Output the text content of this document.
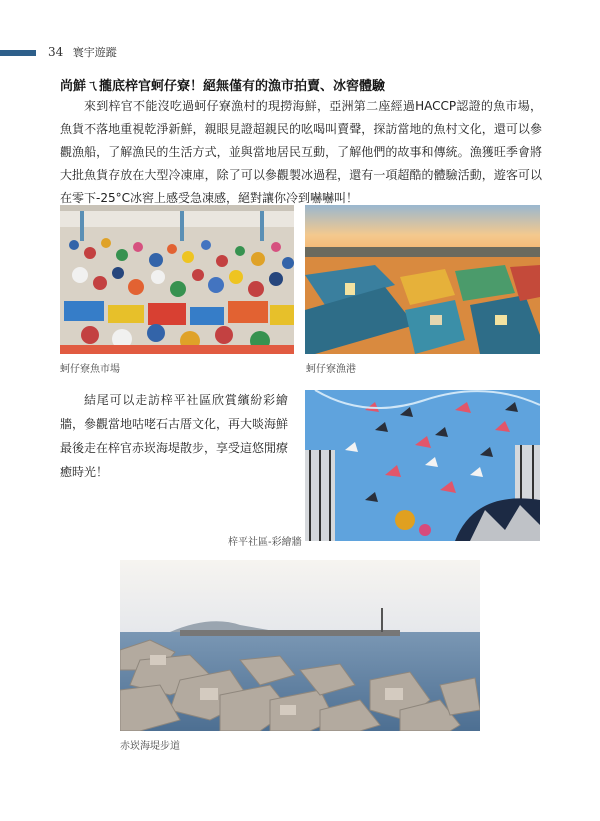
34 寰宇遊蹤
尚鮮ㄟ攏底梓官蚵仔寮！絕無僅有的漁市拍賣、冰窖體驗
來到梓官不能沒吃過蚵仔寮漁村的現撈海鮮，亞洲第二座經過HACCP認證的魚市場，魚貨不落地重視乾淨新鮮，親眼見證超親民的吆喝叫賣聲，探訪當地的魚村文化，還可以參觀漁船，了解漁民的生活方式，並與當地居民互動，了解他們的故事和傳統。漁獲旺季會將大批魚貨存放在大型冷凍庫，除了可以參觀製冰過程，還有一項超酷的體驗活動，遊客可以在零下-25°C冰窖上感受急凍感，絕對讓你冷到嚇嚇叫！
蚵仔寮魚市場	蚵仔寮漁港
結尾可以走訪梓平社區欣賞繽紛彩繪牆，參觀當地咕咾石古厝文化，再大啖海鮮最後走在梓官赤崁海堤散步，享受這悠閒療癒時光！
梓平社區-彩繪牆
赤崁海堤步道
